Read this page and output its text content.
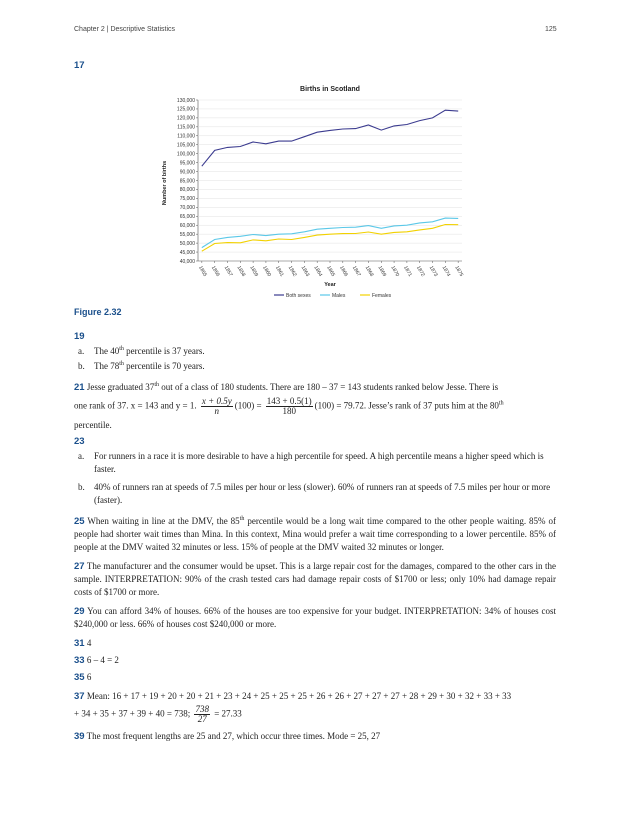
Chapter 2 | Descriptive Statistics	125
17
Births in Scotland
Number of births
Year
40,000
45,000
50,000
55,000
60,000
65,000
70,000
75,000
80,000
85,000
90,000
95,000
100,000
105,000
110,000
115,000
120,000
125,000
130,000
1855 1856 1857 1858 1859 1860 1861 1862 1863 1864 1865 1866 1867 1868 1869 1870 1871 1872 1873 1874 1875
Both sexes	Males	Females
Figure 2.32
19
a. The 40th percentile is 37 years.
b. The 78th percentile is 70 years.

21 Jesse graduated 37th out of a class of 180 students. There are 180 – 37 = 143 students ranked below Jesse. There is

one rank of 37. x = 143 and y = 1. $\frac{x + 0.5y}{n} (100) = \frac{143 + 0.5(1)}{180} (100) = 79.72$. Jesse’s rank of 37 puts him at the 80th

percentile.

23
a. For runners in a race it is more desirable to have a high percentile for speed. A high percentile means a higher speed which is faster.
b. 40% of runners ran at speeds of 7.5 miles per hour or less (slower). 60% of runners ran at speeds of 7.5 miles per hour or more (faster).

25 When waiting in line at the DMV, the 85th percentile would be a long wait time compared to the other people waiting. 85% of people had shorter wait times than Mina. In this context, Mina would prefer a wait time corresponding to a lower percentile. 85% of people at the DMV waited 32 minutes or less. 15% of people at the DMV waited 32 minutes or longer.

27 The manufacturer and the consumer would be upset. This is a large repair cost for the damages, compared to the other cars in the sample. INTERPRETATION: 90% of the crash tested cars had damage repair costs of $1700 or less; only 10% had damage repair costs of $1700 or more.

29 You can afford 34% of houses. 66% of the houses are too expensive for your budget. INTERPRETATION: 34% of houses cost $240,000 or less. 66% of houses cost $240,000 or more.

31 4

33 6 – 4 = 2

35 6

37 Mean: 16 + 17 + 19 + 20 + 20 + 21 + 23 + 24 + 25 + 25 + 25 + 26 + 26 + 27 + 27 + 27 + 28 + 29 + 30 + 32 + 33 + 33

+ 34 + 35 + 37 + 39 + 40 = 738; $\frac{738}{27} = 27.33$

39 The most frequent lengths are 25 and 27, which occur three times. Mode = 25, 27
